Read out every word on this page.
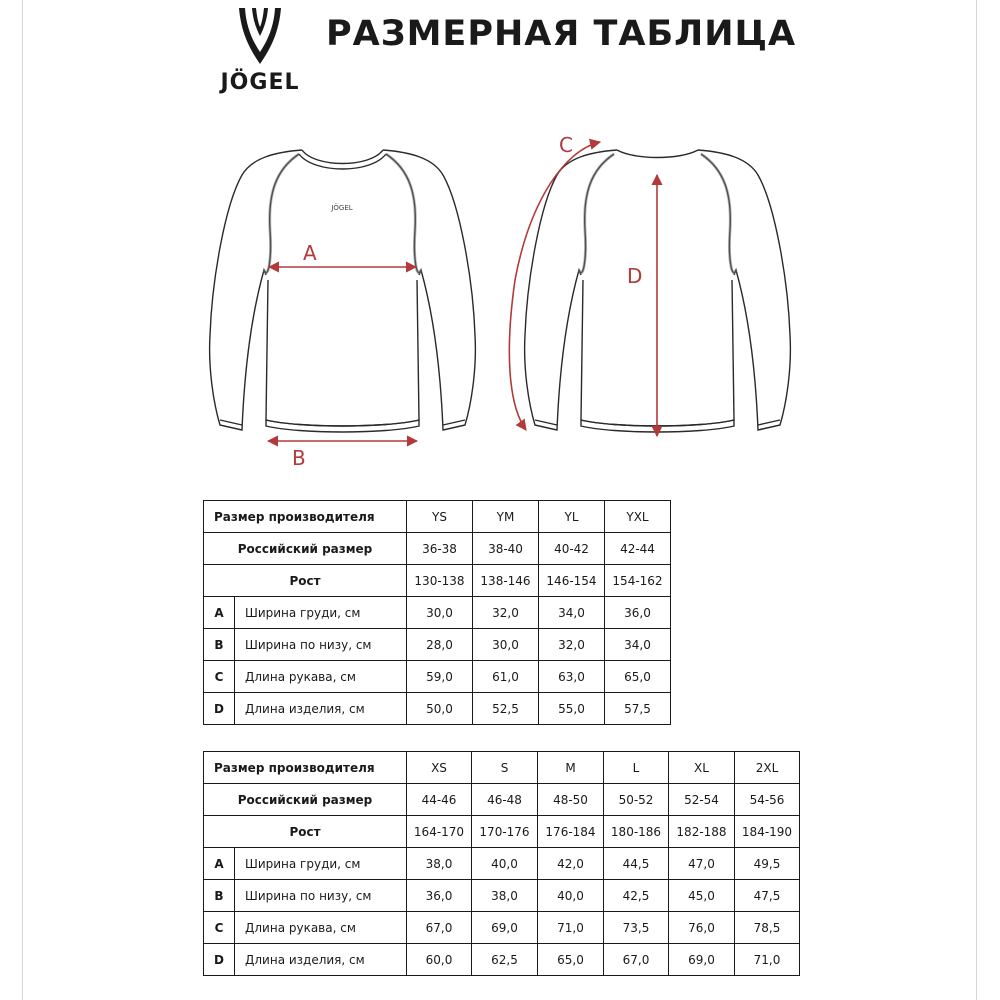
JÖGEL
РАЗМЕРНАЯ ТАБЛИЦА
JÖGEL
A
B
C
D
Размер производителя		YS	YM	YL	YXL
Российский размер		36-38	38-40	40-42	42-44
Рост		130-138	138-146	146-154	154-162
A	Ширина груди, см	30,0	32,0	34,0	36,0
B	Ширина по низу, см	28,0	30,0	32,0	34,0
C	Длина рукава, см	59,0	61,0	63,0	65,0
D	Длина изделия, см	50,0	52,5	55,0	57,5
Размер производителя		XS	S	M	L	XL	2XL
Российский размер		44-46	46-48	48-50	50-52	52-54	54-56
Рост		164-170	170-176	176-184	180-186	182-188	184-190
A	Ширина груди, см	38,0	40,0	42,0	44,5	47,0	49,5
B	Ширина по низу, см	36,0	38,0	40,0	42,5	45,0	47,5
C	Длина рукава, см	67,0	69,0	71,0	73,5	76,0	78,5
D	Длина изделия, см	60,0	62,5	65,0	67,0	69,0	71,0
